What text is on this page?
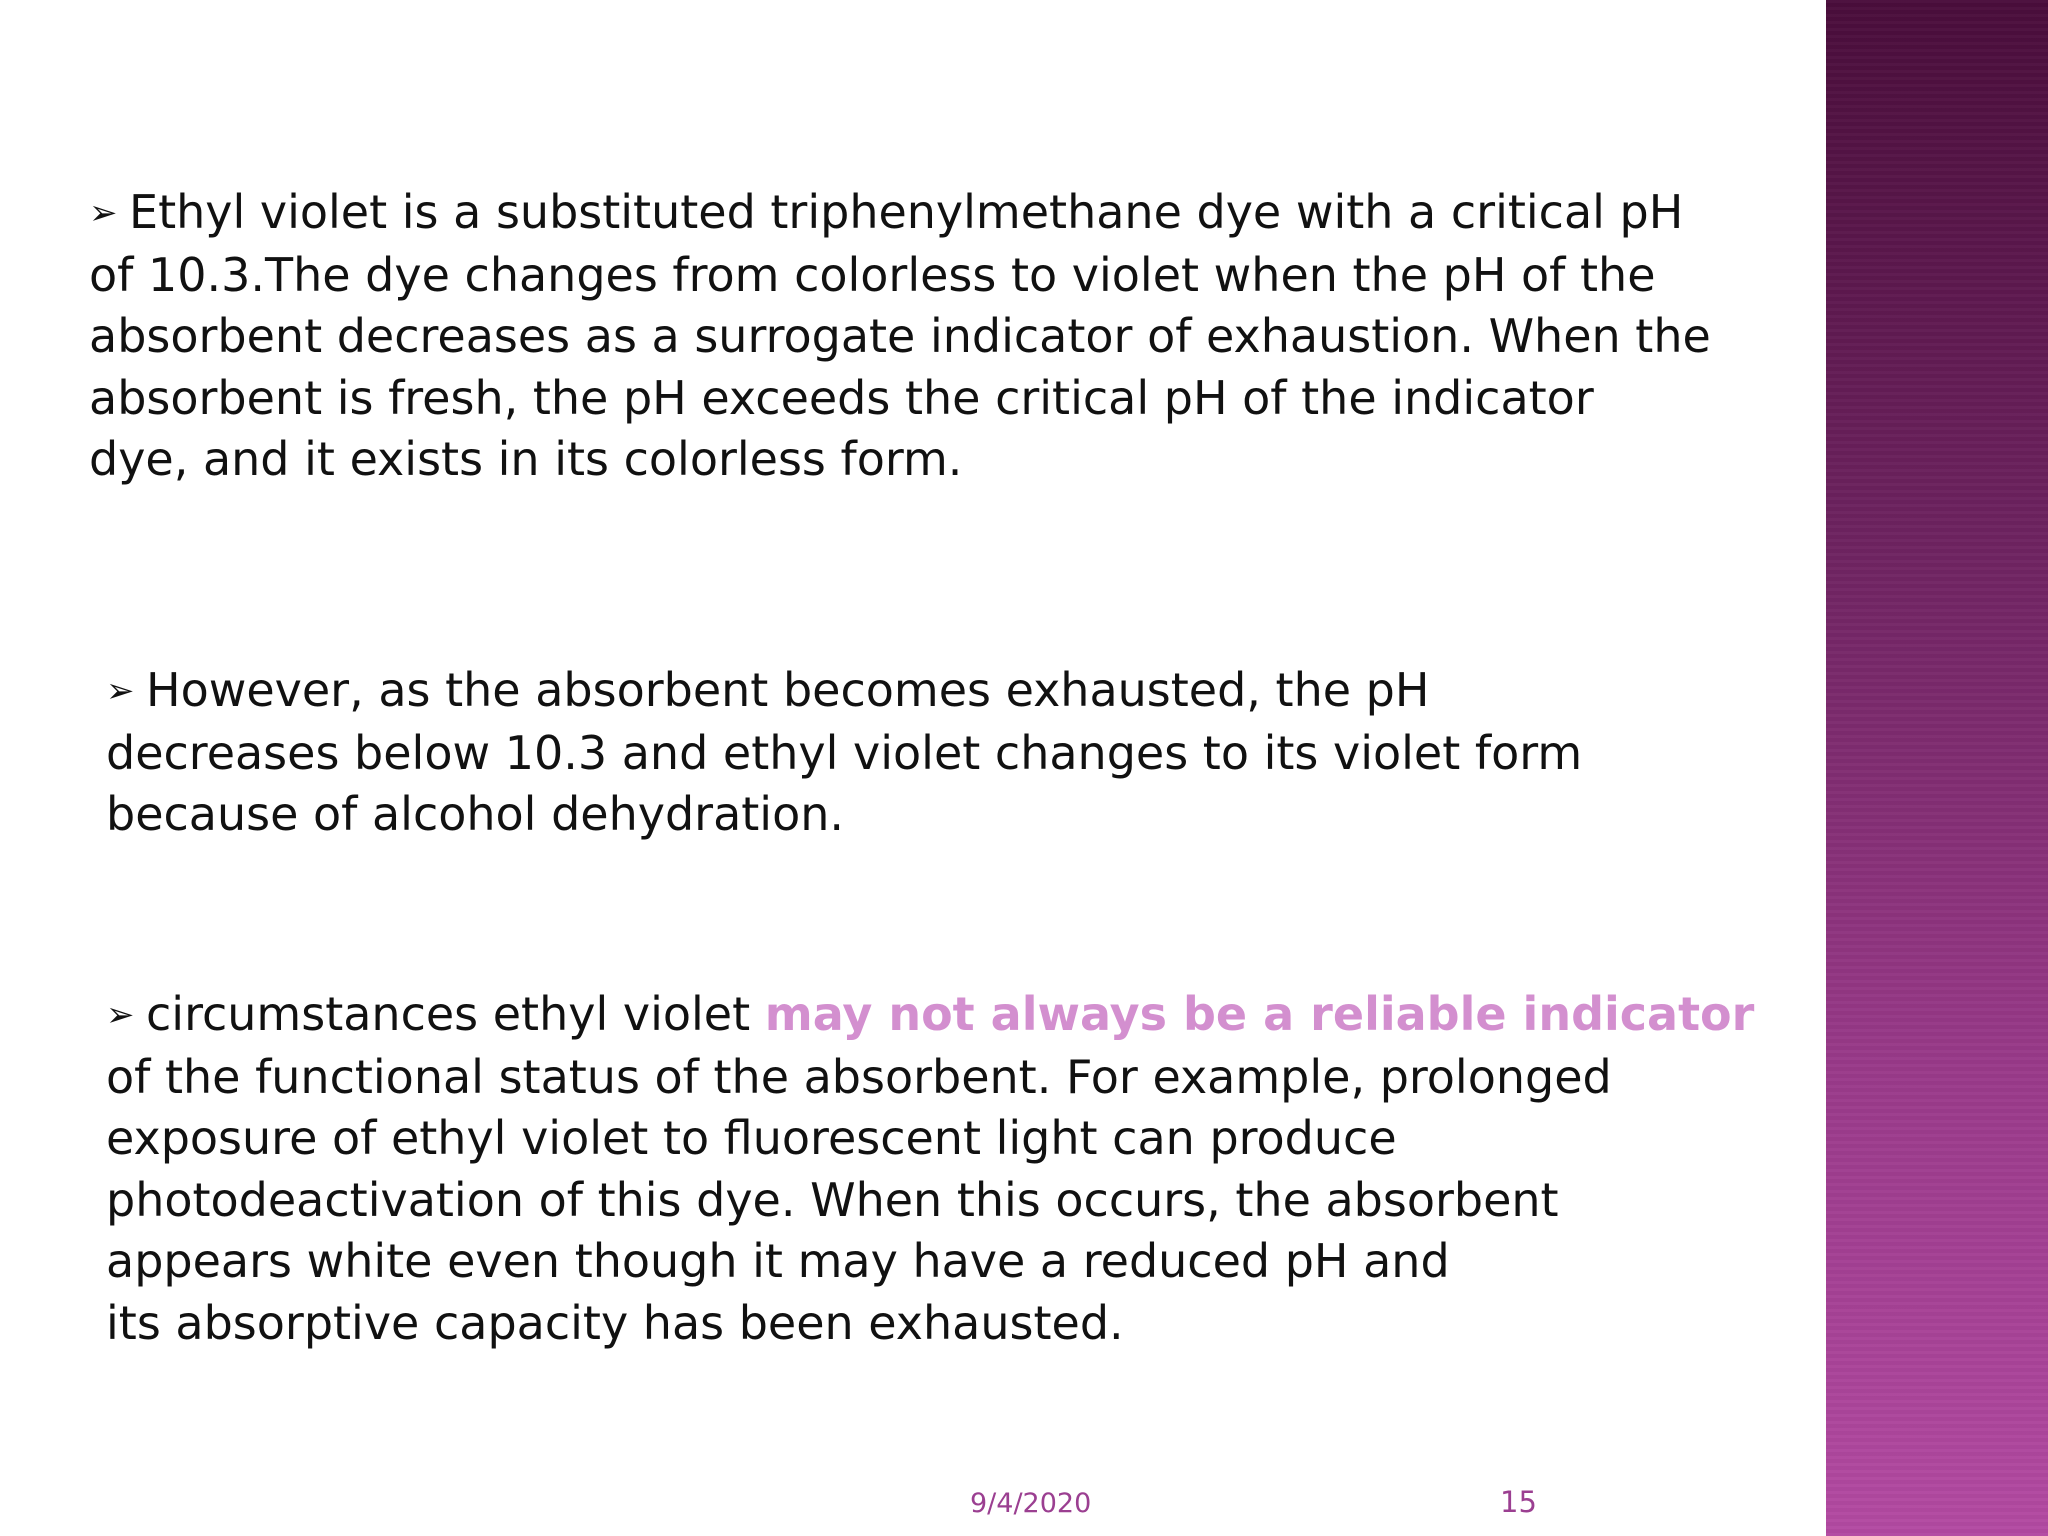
➢ Ethyl violet is a substituted triphenylmethane dye with a critical pH
of 10.3.The dye changes from colorless to violet when the pH of the
absorbent decreases as a surrogate indicator of exhaustion. When the
absorbent is fresh, the pH exceeds the critical pH of the indicator
dye, and it exists in its colorless form.
➢ However, as the absorbent becomes exhausted, the pH
decreases below 10.3 and ethyl violet changes to its violet form
because of alcohol dehydration.
➢ circumstances ethyl violet may not always be a reliable indicator
of the functional status of the absorbent. For example, prolonged
exposure of ethyl violet to fluorescent light can produce
photodeactivation of this dye. When this occurs, the absorbent
appears white even though it may have a reduced pH and
its absorptive capacity has been exhausted.
9/4/2020	15
